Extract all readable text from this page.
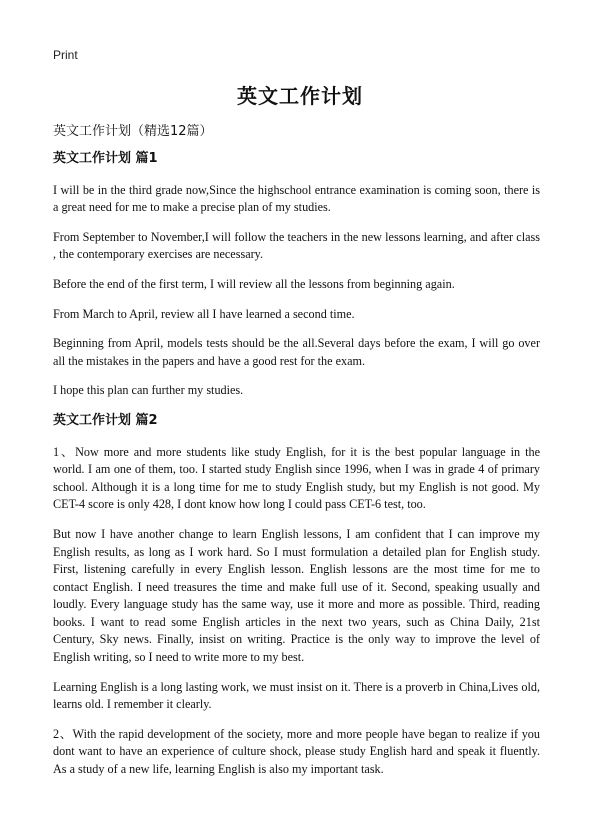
Print
英文工作计划
英文工作计划（精选12篇）
英文工作计划 篇1

I will be in the third grade now,Since the highschool entrance examination is coming soon, there is a great need for me to make a precise plan of my studies.

From September to November,I will follow the teachers in the new lessons learning, and after class , the contemporary exercises are necessary.

Before the end of the first term, I will review all the lessons from beginning again.

From March to April, review all I have learned a second time.

Beginning from April, models tests should be the all.Several days before the exam, I will go over all the mistakes in the papers and have a good rest for the exam.

I hope this plan can further my studies.

英文工作计划 篇2

1、Now more and more students like study English, for it is the best popular language in the world. I am one of them, too. I started study English since 1996, when I was in grade 4 of primary school. Although it is a long time for me to study English study, but my English is not good. My CET-4 score is only 428, I dont know how long I could pass CET-6 test, too.

But now I have another change to learn English lessons, I am confident that I can improve my English results, as long as I work hard. So I must formulation a detailed plan for English study. First, listening carefully in every English lesson. English lessons are the most time for me to contact English. I need treasures the time and make full use of it. Second, speaking usually and loudly. Every language study has the same way, use it more and more as possible. Third, reading books. I want to read some English articles in the next two years, such as China Daily, 21st Century, Sky news. Finally, insist on writing. Practice is the only way to improve the level of English writing, so I need to write more to my best.

Learning English is a long lasting work, we must insist on it. There is a proverb in China,Lives old, learns old. I remember it clearly.

2、With the rapid development of the society, more and more people have began to realize if you dont want to have an experience of culture shock, please study English hard and speak it fluently. As a study of a new life, learning English is also my important task.
